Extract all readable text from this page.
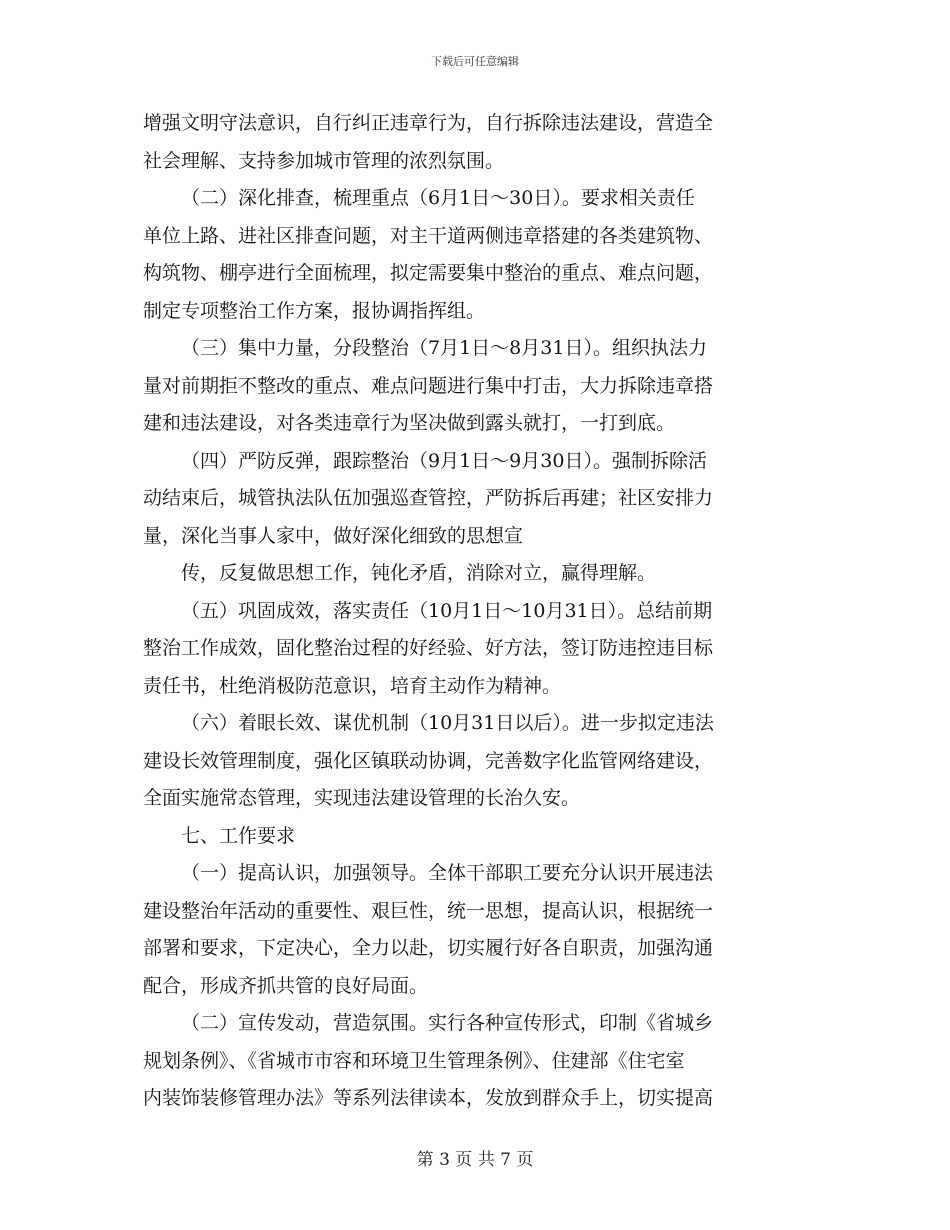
下载后可任意编辑
增强文明守法意识，自行纠正违章行为，自行拆除违法建设，营造全
社会理解、支持参加城市管理的浓烈氛围。
（二）深化排查，梳理重点（6月1日～30日）。要求相关责任
单位上路、进社区排查问题，对主干道两侧违章搭建的各类建筑物、
构筑物、棚亭进行全面梳理，拟定需要集中整治的重点、难点问题，
制定专项整治工作方案，报协调指挥组。
（三）集中力量，分段整治（7月1日～8月31日）。组织执法力
量对前期拒不整改的重点、难点问题进行集中打击，大力拆除违章搭
建和违法建设，对各类违章行为坚决做到露头就打，一打到底。
（四）严防反弹，跟踪整治（9月1日～9月30日）。强制拆除活
动结束后，城管执法队伍加强巡查管控，严防拆后再建；社区安排力
量，深化当事人家中，做好深化细致的思想宣
传，反复做思想工作，钝化矛盾，消除对立，赢得理解。
（五）巩固成效，落实责任（10月1日～10月31日）。总结前期
整治工作成效，固化整治过程的好经验、好方法，签订防违控违目标
责任书，杜绝消极防范意识，培育主动作为精神。
（六）着眼长效、谋优机制（10月31日以后）。进一步拟定违法
建设长效管理制度，强化区镇联动协调，完善数字化监管网络建设，
全面实施常态管理，实现违法建设管理的长治久安。
七、工作要求
（一）提高认识，加强领导。全体干部职工要充分认识开展违法
建设整治年活动的重要性、艰巨性，统一思想，提高认识，根据统一
部署和要求，下定决心，全力以赴，切实履行好各自职责，加强沟通
配合，形成齐抓共管的良好局面。
（二）宣传发动，营造氛围。实行各种宣传形式，印制《省城乡
规划条例》、《省城市市容和环境卫生管理条例》、住建部《住宅室
内装饰装修管理办法》等系列法律读本，发放到群众手上，切实提高
第 3 页 共 7 页
